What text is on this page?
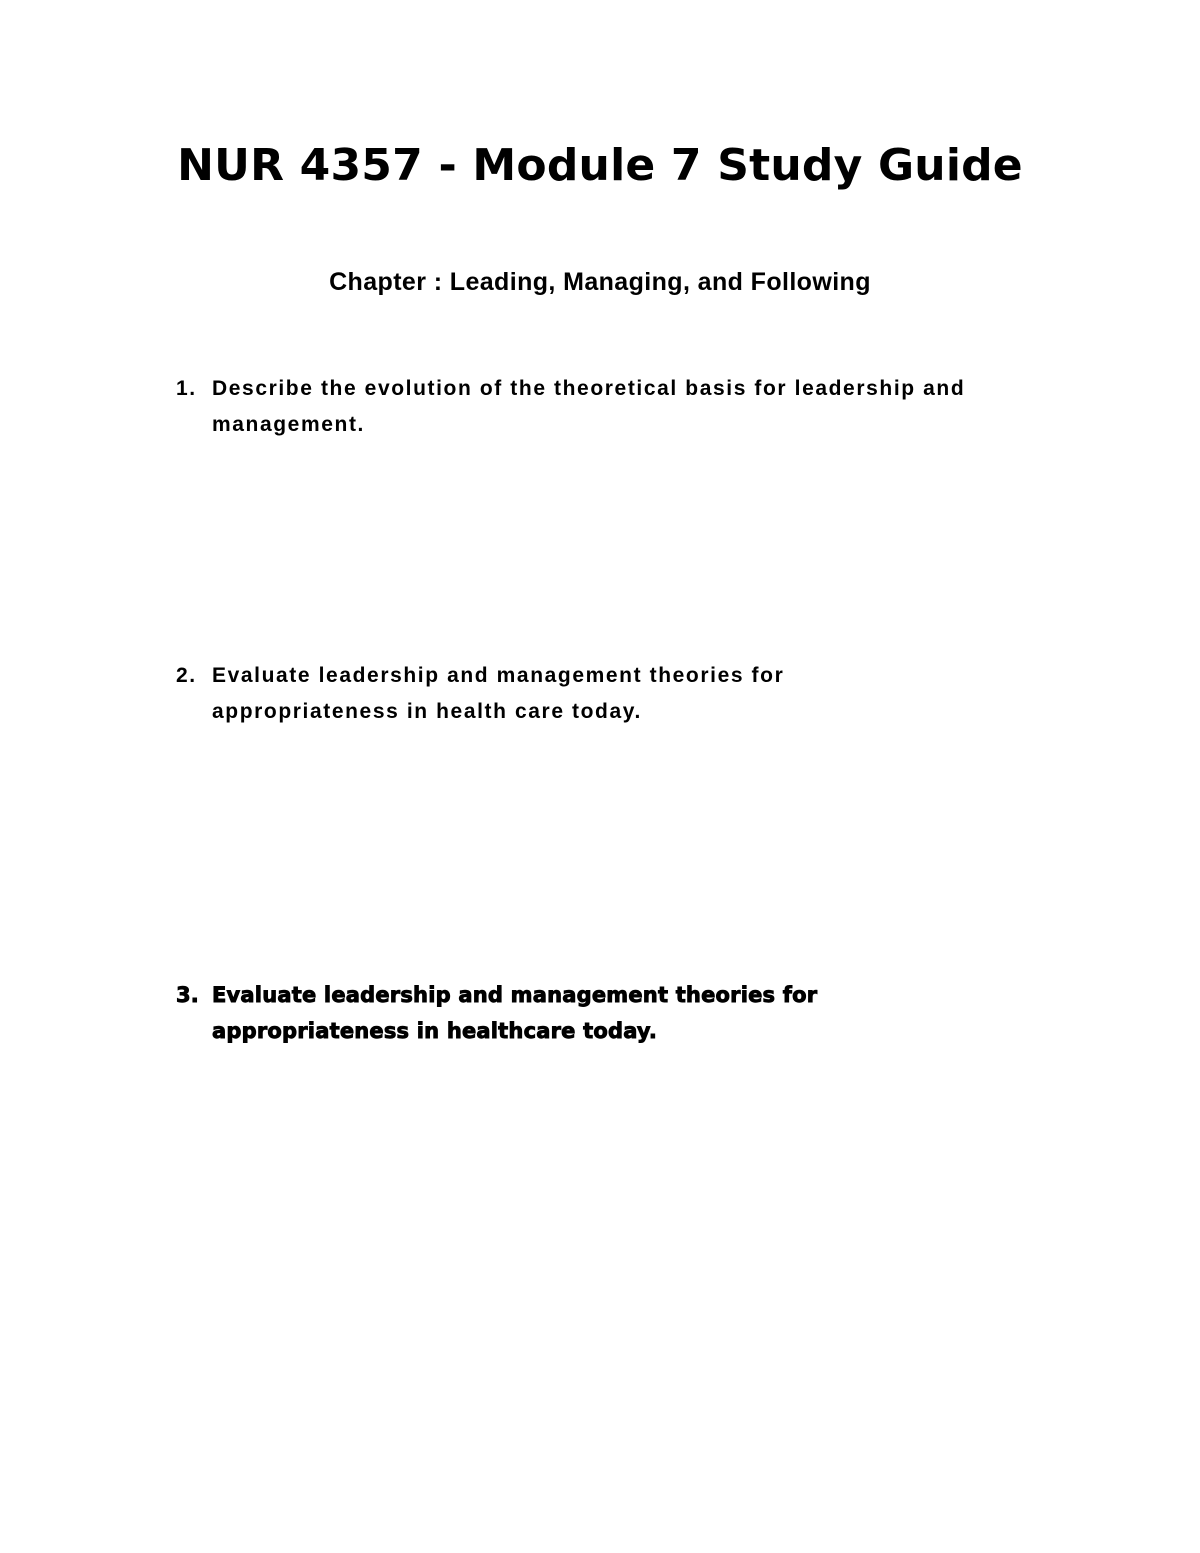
NUR 4357 - Module 7 Study Guide
Chapter : Leading, Managing, and Following
1. Describe the evolution of the theoretical basis for leadership and management.
2. Evaluate leadership and management theories for appropriateness in health care today.
3. Evaluate leadership and management theories for appropriateness in healthcare today.
